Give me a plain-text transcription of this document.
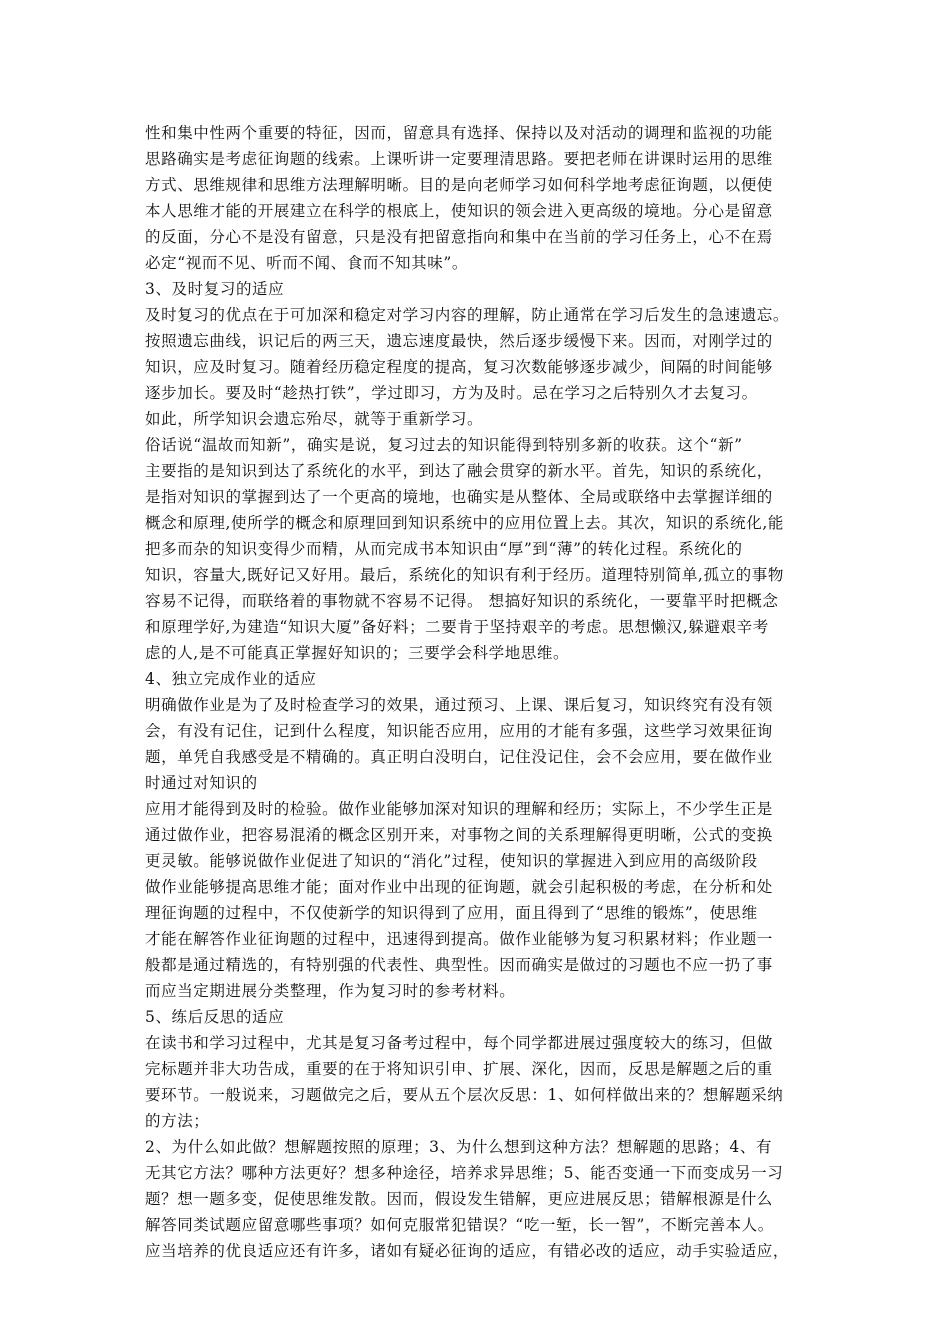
性和集中性两个重要的特征，因而，留意具有选择、保持以及对活动的调理和监视的功能
思路确实是考虑征询题的线索。上课听讲一定要理清思路。要把老师在讲课时运用的思维
方式、思维规律和思维方法理解明晰。目的是向老师学习如何科学地考虑征询题，以便使
本人思维才能的开展建立在科学的根底上，使知识的领会进入更高级的境地。分心是留意
的反面，分心不是没有留意，只是没有把留意指向和集中在当前的学习任务上，心不在焉
必定“视而不见、听而不闻、食而不知其味”。
3、及时复习的适应
及时复习的优点在于可加深和稳定对学习内容的理解，防止通常在学习后发生的急速遗忘。
按照遗忘曲线，识记后的两三天，遗忘速度最快，然后逐步缓慢下来。因而，对刚学过的
知识，应及时复习。随着经历稳定程度的提高，复习次数能够逐步减少，间隔的时间能够
逐步加长。要及时“趁热打铁”，学过即习，方为及时。忌在学习之后特别久才去复习。
如此，所学知识会遗忘殆尽，就等于重新学习。
俗话说“温故而知新”，确实是说，复习过去的知识能得到特别多新的收获。这个“新”
主要指的是知识到达了系统化的水平，到达了融会贯穿的新水平。首先，知识的系统化，
是指对知识的掌握到达了一个更高的境地，也确实是从整体、全局或联络中去掌握详细的
概念和原理,使所学的概念和原理回到知识系统中的应用位置上去。其次，知识的系统化,能
把多而杂的知识变得少而精，从而完成书本知识由“厚”到“薄”的转化过程。系统化的
知识，容量大,既好记又好用。最后，系统化的知识有利于经历。道理特别简单,孤立的事物
容易不记得，而联络着的事物就不容易不记得。 想搞好知识的系统化，一要靠平时把概念
和原理学好,为建造“知识大厦”备好料；二要肯于坚持艰辛的考虑。思想懒汉,躲避艰辛考
虑的人,是不可能真正掌握好知识的；三要学会科学地思维。
4、独立完成作业的适应
明确做作业是为了及时检查学习的效果，通过预习、上课、课后复习，知识终究有没有领
会，有没有记住，记到什么程度，知识能否应用，应用的才能有多强，这些学习效果征询
题，单凭自我感受是不精确的。真正明白没明白，记住没记住，会不会应用，要在做作业
时通过对知识的
应用才能得到及时的检验。做作业能够加深对知识的理解和经历；实际上，不少学生正是
通过做作业，把容易混淆的概念区别开来，对事物之间的关系理解得更明晰，公式的变换
更灵敏。能够说做作业促进了知识的“消化”过程，使知识的掌握进入到应用的高级阶段
做作业能够提高思维才能；面对作业中出现的征询题，就会引起积极的考虑，在分析和处
理征询题的过程中，不仅使新学的知识得到了应用，面且得到了“思维的锻炼”，使思维
才能在解答作业征询题的过程中，迅速得到提高。做作业能够为复习积累材料；作业题一
般都是通过精选的，有特别强的代表性、典型性。因而确实是做过的习题也不应一扔了事
而应当定期进展分类整理，作为复习时的参考材料。
5、练后反思的适应
在读书和学习过程中，尤其是复习备考过程中，每个同学都进展过强度较大的练习，但做
完标题并非大功告成，重要的在于将知识引申、扩展、深化，因而，反思是解题之后的重
要环节。一般说来，习题做完之后，要从五个层次反思：1、如何样做出来的？想解题采纳
的方法；
2、为什么如此做？想解题按照的原理；3、为什么想到这种方法？想解题的思路；4、有
无其它方法？哪种方法更好？想多种途径，培养求异思维；5、能否变通一下而变成另一习
题？想一题多变，促使思维发散。因而，假设发生错解，更应进展反思；错解根源是什么
解答同类试题应留意哪些事项？如何克服常犯错误？“吃一堑，长一智”，不断完善本人。
应当培养的优良适应还有许多，诸如有疑必征询的适应，有错必改的适应，动手实验适应，
